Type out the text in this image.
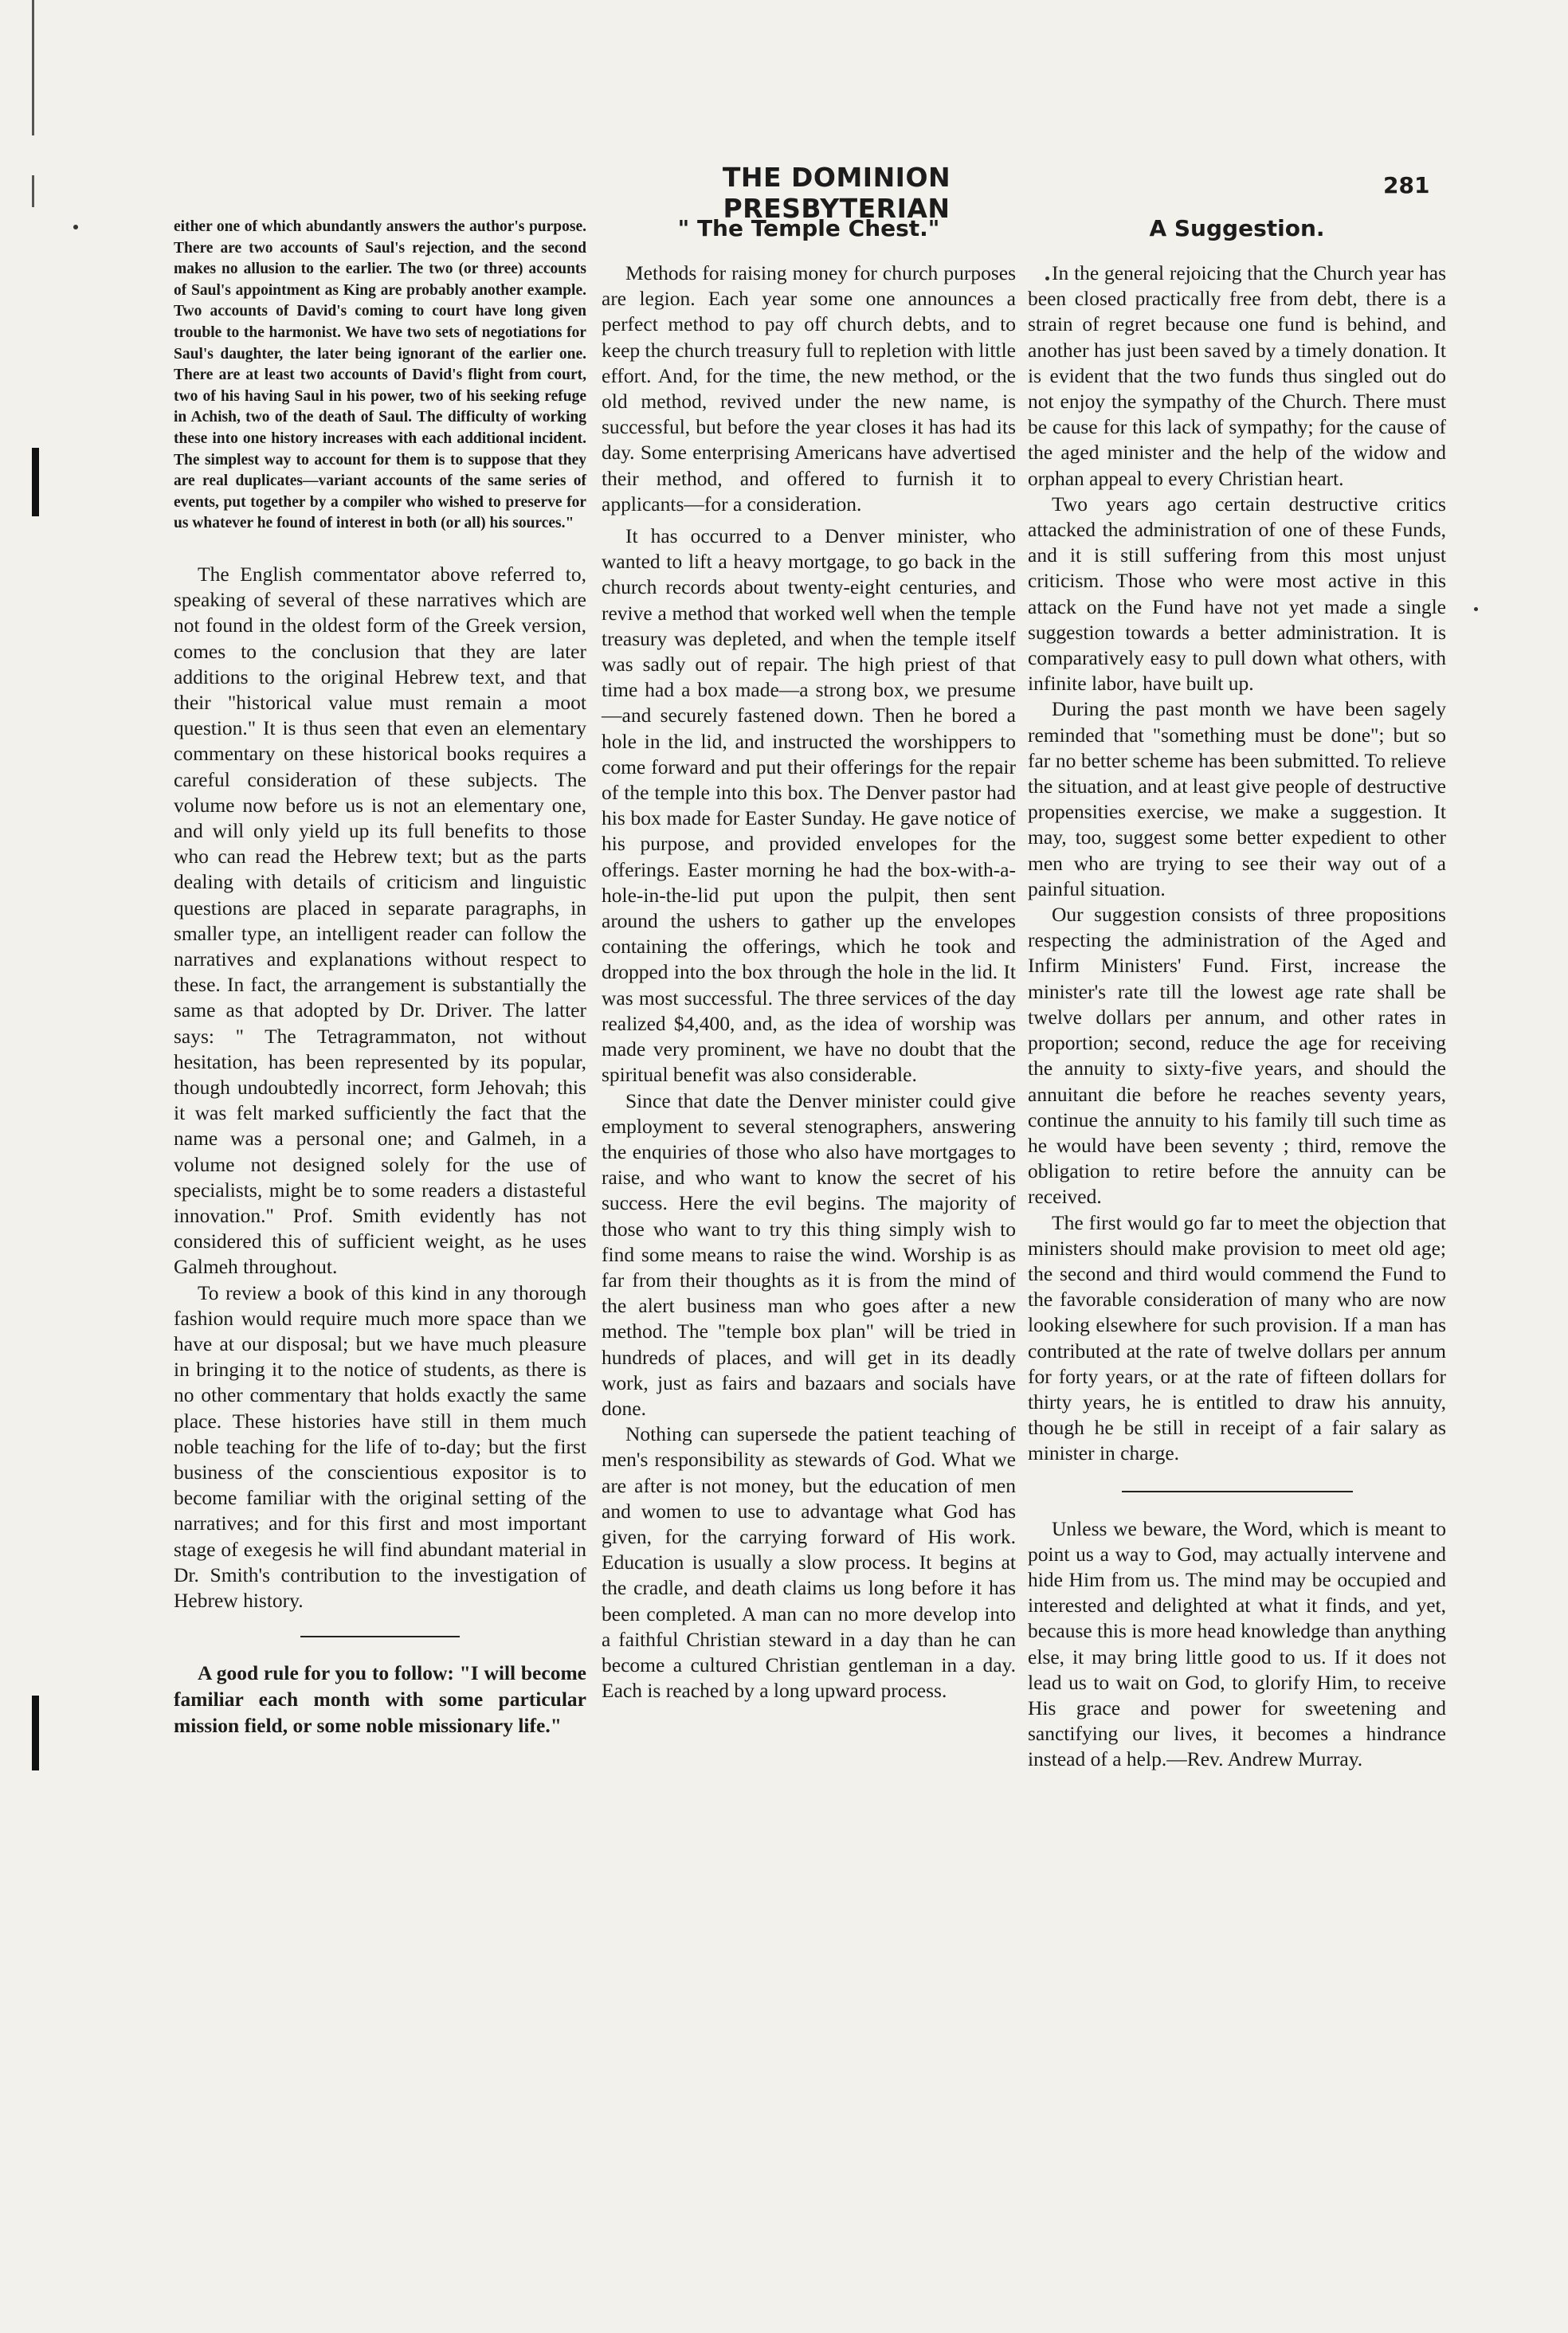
THE DOMINION PRESBYTERIAN
281

either one of which abundantly answers the author's purpose. There are two accounts of Saul's rejection, and the second makes no allusion to the earlier. The two (or three) accounts of Saul's appointment as King are probably another example. Two accounts of David's coming to court have long given trouble to the harmonist. We have two sets of negotiations for Saul's daughter, the later being ignorant of the earlier one. There are at least two accounts of David's flight from court, two of his having Saul in his power, two of his seeking refuge in Achish, two of the death of Saul. The difficulty of working these into one history increases with each additional incident. The simplest way to account for them is to suppose that they are real duplicates—variant accounts of the same series of events, put together by a compiler who wished to preserve for us whatever he found of interest in both (or all) his sources."

The English commentator above referred to, speaking of several of these narratives which are not found in the oldest form of the Greek version, comes to the conclusion that they are later additions to the original Hebrew text, and that their "historical value must remain a moot question." It is thus seen that even an elementary commentary on these historical books requires a careful consideration of these subjects. The volume now before us is not an elementary one, and will only yield up its full benefits to those who can read the Hebrew text; but as the parts dealing with details of criticism and linguistic questions are placed in separate paragraphs, in smaller type, an intelligent reader can follow the narratives and explanations without respect to these. In fact, the arrangement is substantially the same as that adopted by Dr. Driver. The latter says: " The Tetragrammaton, not without hesitation, has been represented by its popular, though undoubtedly incorrect, form Jehovah; this it was felt marked sufficiently the fact that the name was a personal one; and Galmeh, in a volume not designed solely for the use of specialists, might be to some readers a distasteful innovation." Prof. Smith evidently has not considered this of sufficient weight, as he uses Galmeh throughout.

To review a book of this kind in any thorough fashion would require much more space than we have at our disposal; but we have much pleasure in bringing it to the notice of students, as there is no other commentary that holds exactly the same place. These histories have still in them much noble teaching for the life of to-day; but the first business of the conscientious expositor is to become familiar with the original setting of the narratives; and for this first and most important stage of exegesis he will find abundant material in Dr. Smith's contribution to the investigation of Hebrew history.

A good rule for you to follow: "I will become familiar each month with some particular mission field, or some noble missionary life."

" The Temple Chest."

Methods for raising money for church purposes are legion. Each year some one announces a perfect method to pay off church debts, and to keep the church treasury full to repletion with little effort. And, for the time, the new method, or the old method, revived under the new name, is successful, but before the year closes it has had its day. Some enterprising Americans have advertised their method, and offered to furnish it to applicants—for a consideration.

It has occurred to a Denver minister, who wanted to lift a heavy mortgage, to go back in the church records about twenty-eight centuries, and revive a method that worked well when the temple treasury was depleted, and when the temple itself was sadly out of repair. The high priest of that time had a box made—a strong box, we presume —and securely fastened down. Then he bored a hole in the lid, and instructed the worshippers to come forward and put their offerings for the repair of the temple into this box. The Denver pastor had his box made for Easter Sunday. He gave notice of his purpose, and provided envelopes for the offerings. Easter morning he had the box-with-a-hole-in-the-lid put upon the pulpit, then sent around the ushers to gather up the envelopes containing the offerings, which he took and dropped into the box through the hole in the lid. It was most successful. The three services of the day realized $4,400, and, as the idea of worship was made very prominent, we have no doubt that the spiritual benefit was also considerable.

Since that date the Denver minister could give employment to several stenographers, answering the enquiries of those who also have mortgages to raise, and who want to know the secret of his success. Here the evil begins. The majority of those who want to try this thing simply wish to find some means to raise the wind. Worship is as far from their thoughts as it is from the mind of the alert business man who goes after a new method. The "temple box plan" will be tried in hundreds of places, and will get in its deadly work, just as fairs and bazaars and socials have done.

Nothing can supersede the patient teaching of men's responsibility as stewards of God. What we are after is not money, but the education of men and women to use to advantage what God has given, for the carrying forward of His work. Education is usually a slow process. It begins at the cradle, and death claims us long before it has been completed. A man can no more develop into a faithful Christian steward in a day than he can become a cultured Christian gentleman in a day. Each is reached by a long upward process.

A Suggestion.

In the general rejoicing that the Church year has been closed practically free from debt, there is a strain of regret because one fund is behind, and another has just been saved by a timely donation. It is evident that the two funds thus singled out do not enjoy the sympathy of the Church. There must be cause for this lack of sympathy; for the cause of the aged minister and the help of the widow and orphan appeal to every Christian heart.

Two years ago certain destructive critics attacked the administration of one of these Funds, and it is still suffering from this most unjust criticism. Those who were most active in this attack on the Fund have not yet made a single suggestion towards a better administration. It is comparatively easy to pull down what others, with infinite labor, have built up.

During the past month we have been sagely reminded that "something must be done"; but so far no better scheme has been submitted. To relieve the situation, and at least give people of destructive propensities exercise, we make a suggestion. It may, too, suggest some better expedient to other men who are trying to see their way out of a painful situation.

Our suggestion consists of three propositions respecting the administration of the Aged and Infirm Ministers' Fund. First, increase the minister's rate till the lowest age rate shall be twelve dollars per annum, and other rates in proportion; second, reduce the age for receiving the annuity to sixty-five years, and should the annuitant die before he reaches seventy years, continue the annuity to his family till such time as he would have been seventy ; third, remove the obligation to retire before the annuity can be received.

The first would go far to meet the objection that ministers should make provision to meet old age; the second and third would commend the Fund to the favorable consideration of many who are now looking elsewhere for such provision. If a man has contributed at the rate of twelve dollars per annum for forty years, or at the rate of fifteen dollars for thirty years, he is entitled to draw his annuity, though he be still in receipt of a fair salary as minister in charge.

Unless we beware, the Word, which is meant to point us a way to God, may actually intervene and hide Him from us. The mind may be occupied and interested and delighted at what it finds, and yet, because this is more head knowledge than anything else, it may bring little good to us. If it does not lead us to wait on God, to glorify Him, to receive His grace and power for sweetening and sanctifying our lives, it becomes a hindrance instead of a help.—Rev. Andrew Murray.
